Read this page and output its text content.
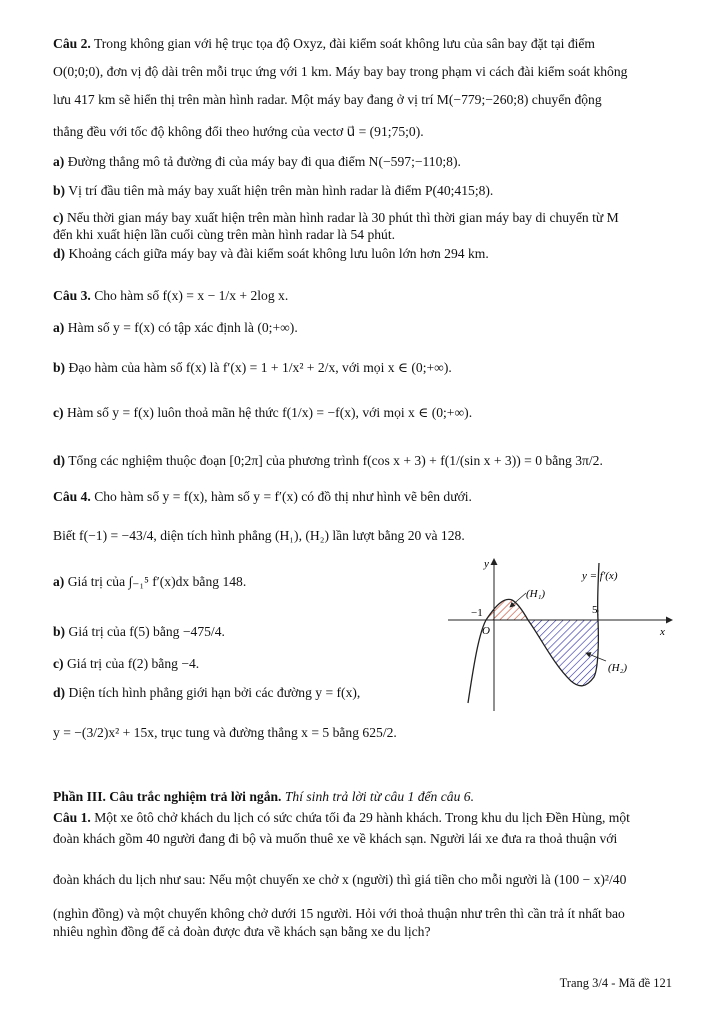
Câu 2. Trong không gian với hệ trục tọa độ Oxyz, đài kiểm soát không lưu của sân bay đặt tại điểm
O(0;0;0), đơn vị độ dài trên mỗi trục ứng với 1 km. Máy bay bay trong phạm vi cách đài kiểm soát không
lưu 417 km sẽ hiển thị trên màn hình radar. Một máy bay đang ở vị trí M(−779;−260;8) chuyển động
thẳng đều với tốc độ không đổi theo hướng của vectơ u⃗ = (91;75;0).
a) Đường thẳng mô tả đường đi của máy bay đi qua điểm N(−597;−110;8).
b) Vị trí đầu tiên mà máy bay xuất hiện trên màn hình radar là điểm P(40;415;8).
c) Nếu thời gian máy bay xuất hiện trên màn hình radar là 30 phút thì thời gian máy bay di chuyển từ M
đến khi xuất hiện lần cuối cùng trên màn hình radar là 54 phút.
d) Khoảng cách giữa máy bay và đài kiểm soát không lưu luôn lớn hơn 294 km.
Câu 3. Cho hàm số f(x) = x − 1/x + 2log x.
a) Hàm số y = f(x) có tập xác định là (0;+∞).
b) Đạo hàm của hàm số f(x) là f′(x) = 1 + 1/x² + 2/x, với mọi x ∈ (0;+∞).
c) Hàm số y = f(x) luôn thoả mãn hệ thức f(1/x) = −f(x), với mọi x ∈ (0;+∞).
d) Tổng các nghiệm thuộc đoạn [0;2π] của phương trình f(cos x + 3) + f(1/(sin x + 3)) = 0 bằng 3π/2.
Câu 4. Cho hàm số y = f(x), hàm số y = f′(x) có đồ thị như hình vẽ bên dưới.
Biết f(−1) = −43/4, diện tích hình phẳng (H₁), (H₂) lần lượt bằng 20 và 128.
a) Giá trị của ∫₋₁⁵ f′(x)dx bằng 148.
b) Giá trị của f(5) bằng −475/4.
c) Giá trị của f(2) bằng −4.
d) Diện tích hình phẳng giới hạn bởi các đường y = f(x),
y = −(3/2)x² + 15x, trục tung và đường thẳng x = 5 bằng 625/2.
y
x
O
−1	5
y = f′(x)
(H₁)
(H₂)
Phần III. Câu trắc nghiệm trả lời ngắn. Thí sinh trả lời từ câu 1 đến câu 6.
Câu 1. Một xe ôtô chở khách du lịch có sức chứa tối đa 29 hành khách. Trong khu du lịch Đền Hùng, một
đoàn khách gồm 40 người đang đi bộ và muốn thuê xe về khách sạn. Người lái xe đưa ra thoả thuận với
đoàn khách du lịch như sau: Nếu một chuyến xe chở x (người) thì giá tiền cho mỗi người là (100 − x)²/40
(nghìn đồng) và một chuyến không chở dưới 15 người. Hỏi với thoả thuận như trên thì cần trả ít nhất bao
nhiêu nghìn đồng để cả đoàn được đưa về khách sạn bằng xe du lịch?
Trang 3/4 - Mã đề 121
